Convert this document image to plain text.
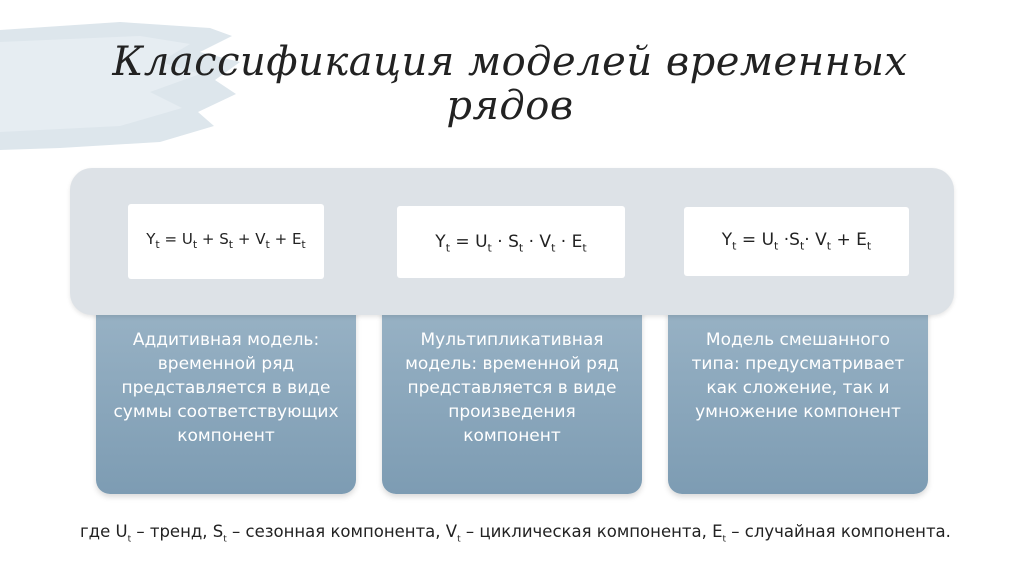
Классификация моделей временных рядов
$Y_t = U_t + S_t + V_t + E_t$	$Y_t = U_t \cdot S_t \cdot V_t \cdot E_t$	$Y_t = U_t \cdot S_t\cdot V_t + E_t$
Аддитивная модель: временной ряд представляется в виде суммы соответствующих компонент
Мультипликативная модель: временной ряд представляется в виде произведения компонент
Модель смешанного типа: предусматривает как сложение, так и умножение компонент
где $U_t$ – тренд, $S_t$ – сезонная компонента, $V_t$ – циклическая компонента, $E_t$ – случайная компонента.
